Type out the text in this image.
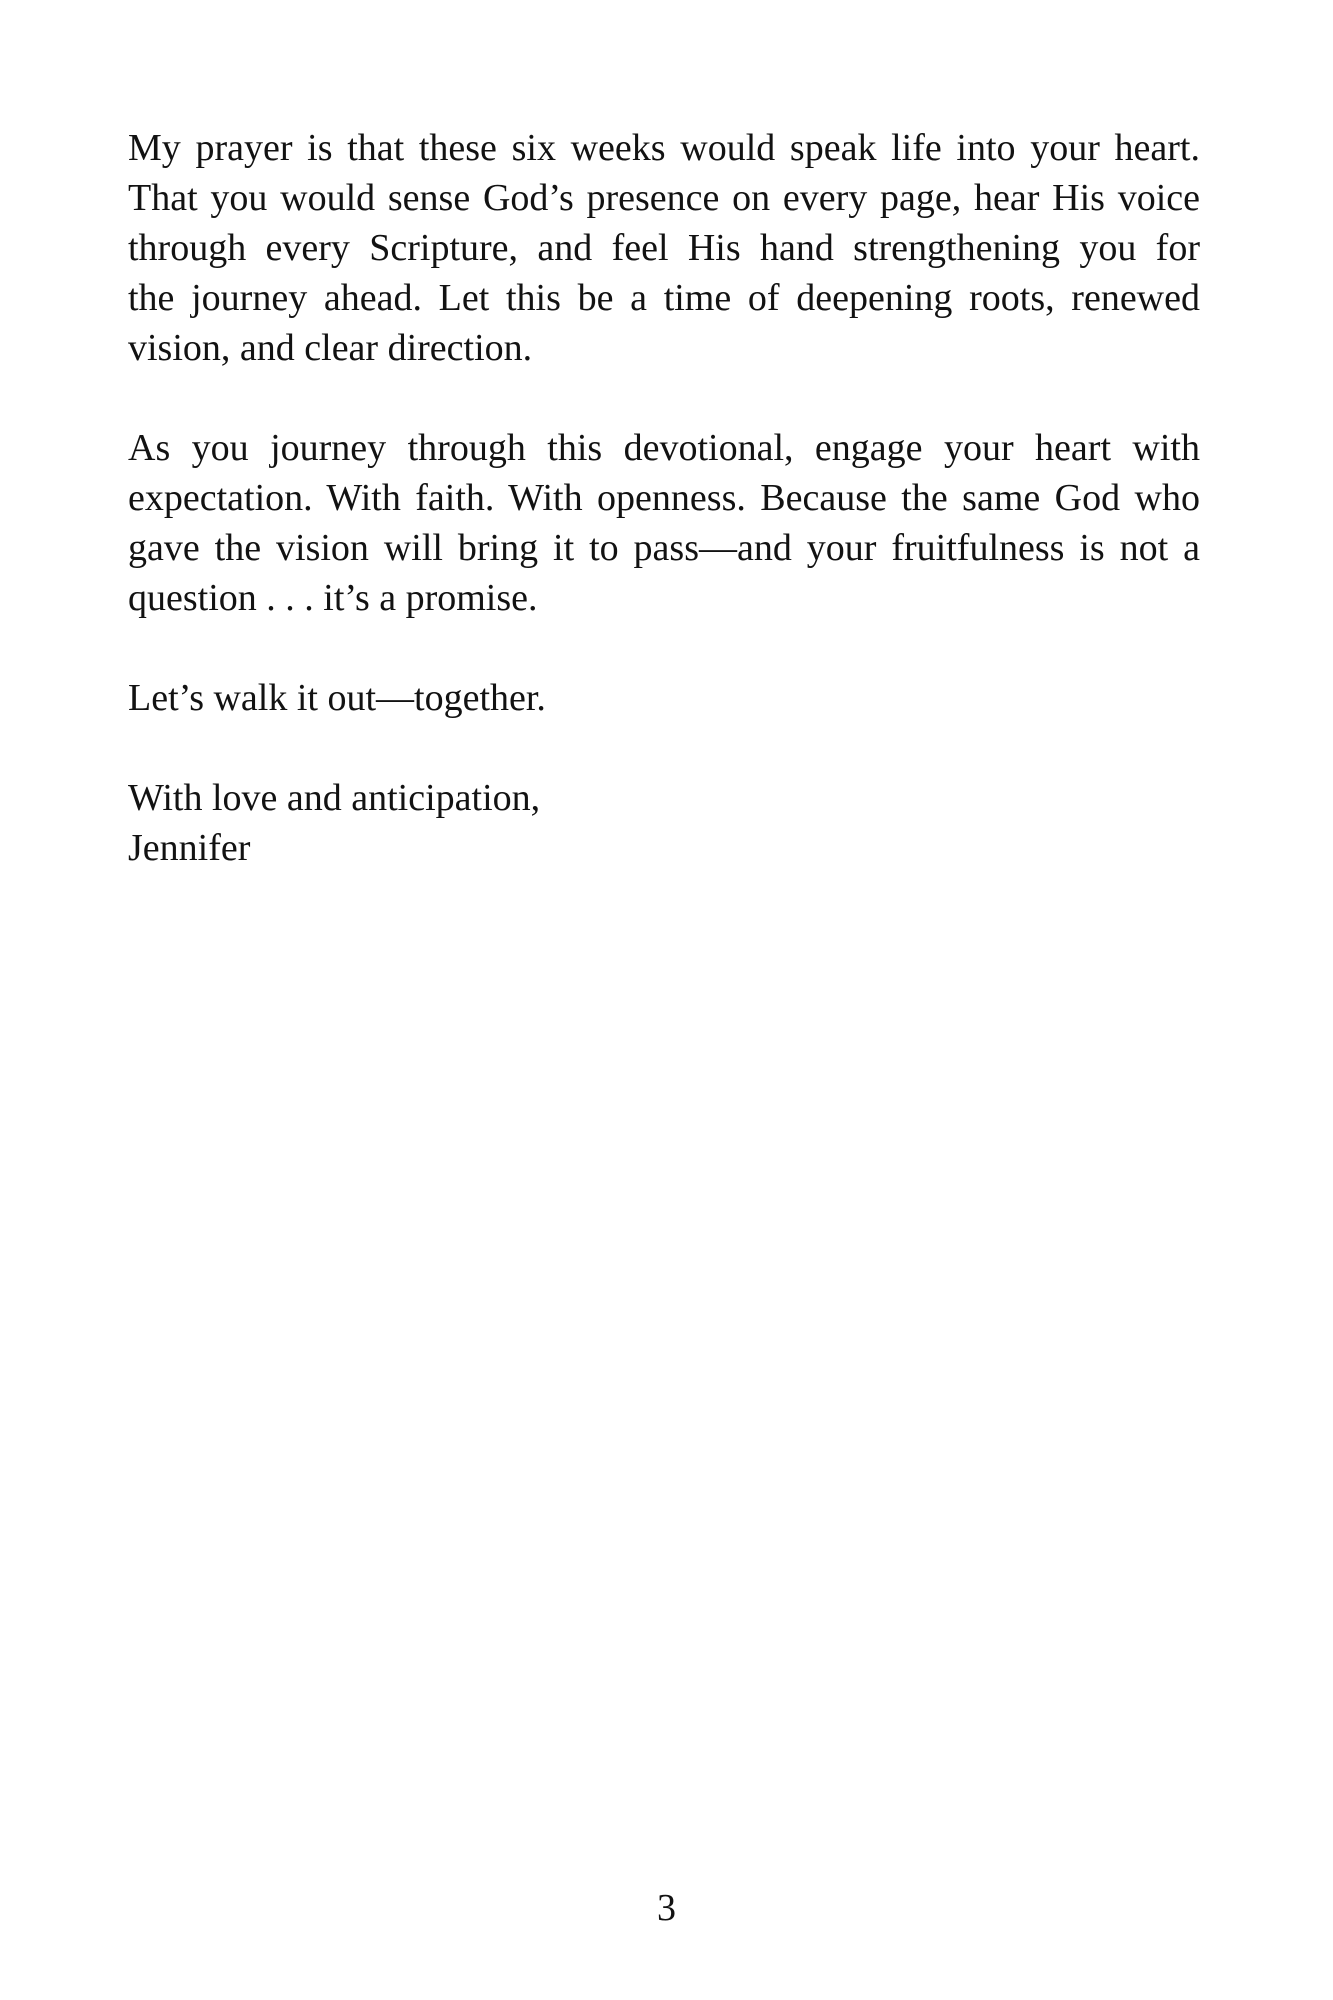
My prayer is that these six weeks would speak life into your heart.
That you would sense God’s presence on every page, hear His voice
through every Scripture, and feel His hand strengthening you for
the journey ahead. Let this be a time of deepening roots, renewed
vision, and clear direction.

As you journey through this devotional, engage your heart with
expectation. With faith. With openness. Because the same God who
gave the vision will bring it to pass—and your fruitfulness is not a
question . . . it’s a promise.

Let’s walk it out—together.

With love and anticipation,
Jennifer

3
